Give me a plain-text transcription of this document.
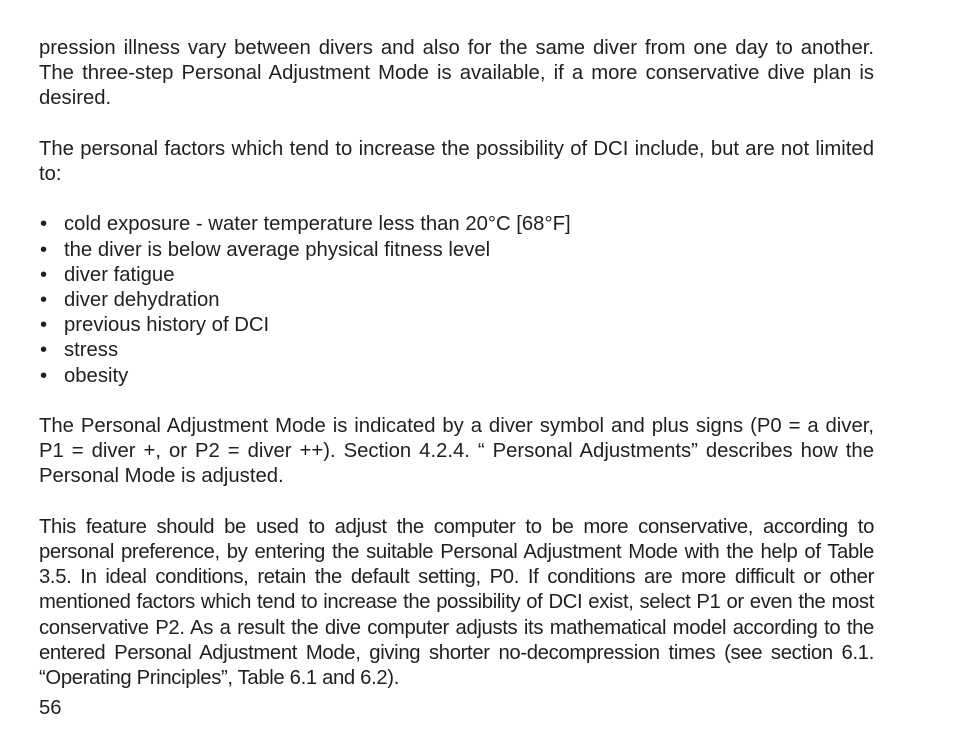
pression illness vary between divers and also for the same diver from one day to another. The three-step Personal Adjustment Mode is available, if a more conservative dive plan is desired.

The personal factors which tend to increase the possibility of DCI include, but are not limited to:

• cold exposure - water temperature less than 20°C [68°F]
• the diver is below average physical fitness level
• diver fatigue
• diver dehydration
• previous history of DCI
• stress
• obesity

The Personal Adjustment Mode is indicated by a diver symbol and plus signs (P0 = a diver, P1 = diver +, or P2 = diver ++). Section 4.2.4. “ Personal Adjustments” describes how the Personal Mode is adjusted.

This feature should be used to adjust the computer to be more conservative, according to personal preference, by entering the suitable Personal Adjustment Mode with the help of Table 3.5. In ideal conditions, retain the default setting, P0. If conditions are more difficult or other mentioned factors which tend to increase the possibility of DCI exist, select P1 or even the most conservative P2. As a result the dive computer adjusts its mathematical model according to the entered Personal Adjustment Mode, giving shorter no-decompression times (see section 6.1. “Operating Principles”, Table 6.1 and 6.2).

56
